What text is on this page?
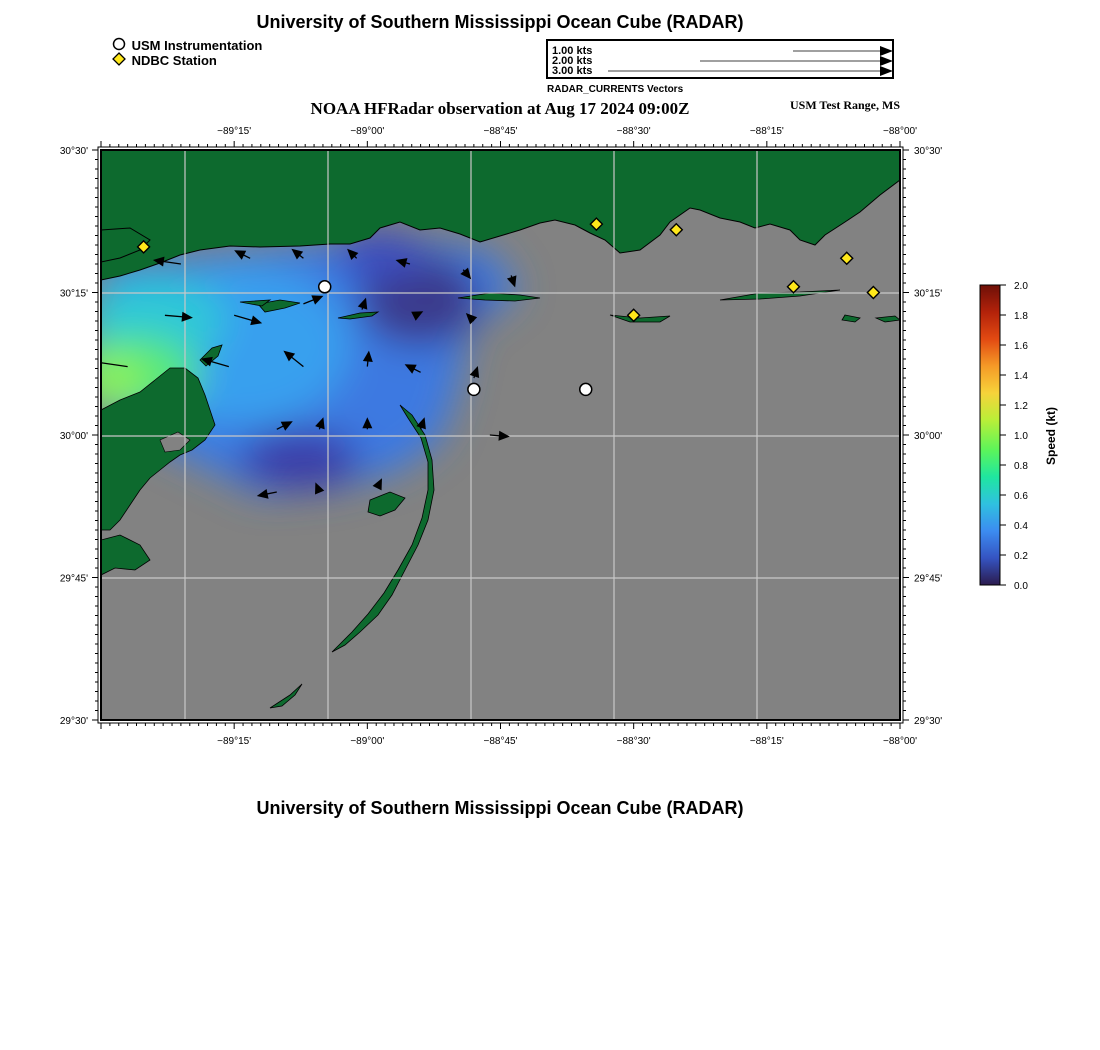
University of Southern Mississippi Ocean Cube (RADAR)
USM Instrumentation
NDBC Station
1.00 kts
2.00 kts
3.00 kts
RADAR_CURRENTS Vectors
NOAA HFRadar observation at Aug 17 2024 09:00Z	USM Test Range, MS
−89°15'
−89°15'
−89°00'
−89°00'
−88°45'
−88°45'
−88°30'
−88°30'
−88°15'
−88°15'
−88°00'
−88°00'
30°30'	30°30'
30°15'	30°15'
30°00'	30°00'
29°45'	29°45'
29°30'	29°30'
2.0
1.8
1.6
1.4
1.2
1.0
0.8
0.6
0.4
0.2
0.0
Speed (kt)
University of Southern Mississippi Ocean Cube (RADAR)
